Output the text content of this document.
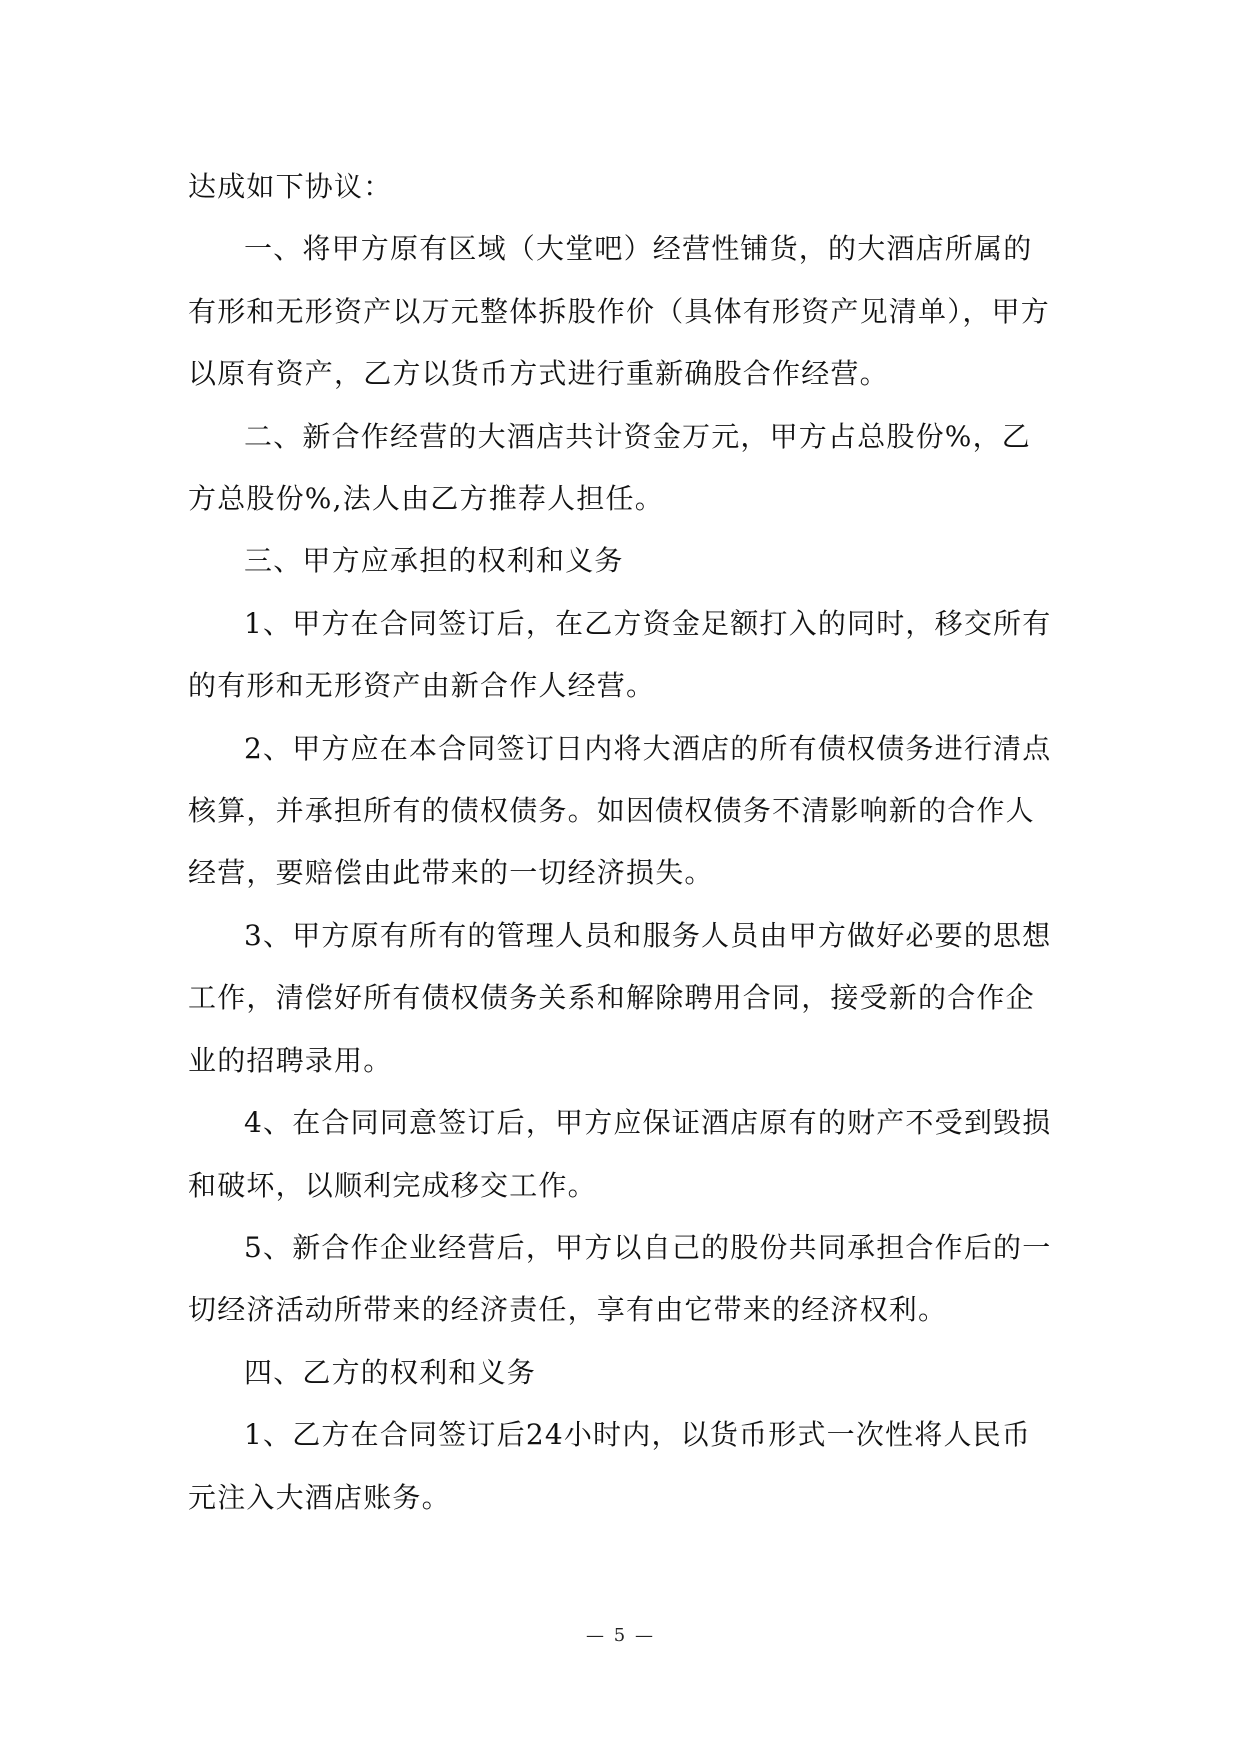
达成如下协议：

一、将甲方原有区域（大堂吧）经营性铺货，的大酒店所属的有形和无形资产以万元整体拆股作价（具体有形资产见清单），甲方以原有资产，乙方以货币方式进行重新确股合作经营。

二、新合作经营的大酒店共计资金万元，甲方占总股份%，乙方总股份%,法人由乙方推荐人担任。

三、甲方应承担的权利和义务

1、甲方在合同签订后，在乙方资金足额打入的同时，移交所有的有形和无形资产由新合作人经营。

2、甲方应在本合同签订日内将大酒店的所有债权债务进行清点核算，并承担所有的债权债务。如因债权债务不清影响新的合作人经营，要赔偿由此带来的一切经济损失。

3、甲方原有所有的管理人员和服务人员由甲方做好必要的思想工作，清偿好所有债权债务关系和解除聘用合同，接受新的合作企业的招聘录用。

4、在合同同意签订后，甲方应保证酒店原有的财产不受到毁损和破坏，以顺利完成移交工作。

5、新合作企业经营后，甲方以自己的股份共同承担合作后的一切经济活动所带来的经济责任，享有由它带来的经济权利。

四、乙方的权利和义务

1、乙方在合同签订后24小时内，以货币形式一次性将人民币元注入大酒店账务。

— 5 —
